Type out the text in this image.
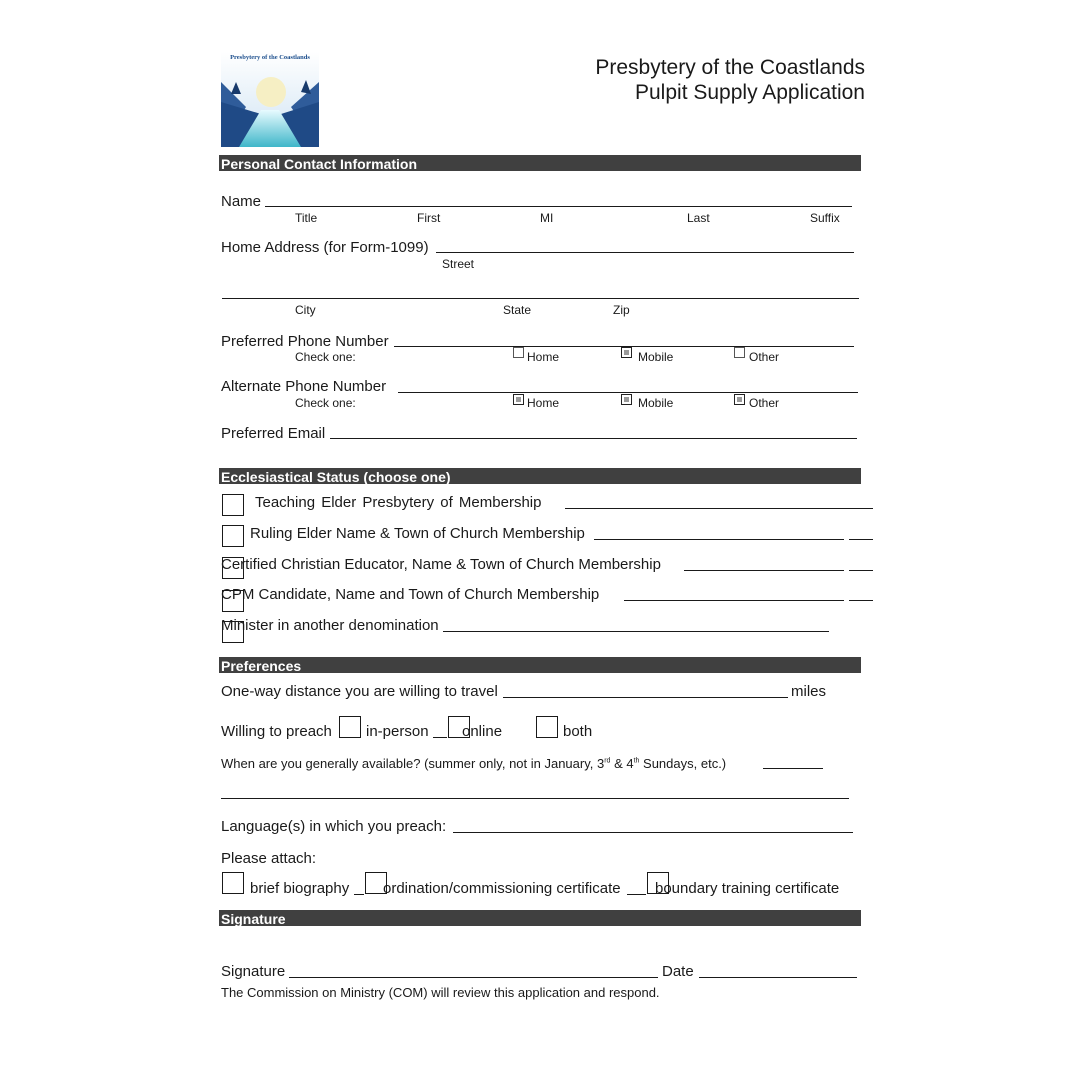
Presbytery of the Coastlands	Presbytery of the Coastlands
Pulpit Supply Application
Personal Contact Information
Name
Title	First	MI	Last	Suffix
Home Address (for Form-1099)
Street
City	State	Zip
Preferred Phone Number
Check one:	Home	Mobile	Other
Alternate Phone Number
Check one:	Home	Mobile	Other
Preferred Email
Ecclesiastical Status (choose one)
Teaching Elder Presbytery of Membership
Ruling Elder Name & Town of Church Membership
Certified Christian Educator, Name & Town of Church Membership
CPM Candidate, Name and Town of Church Membership
Minister in another denomination
Preferences
One-way distance you are willing to travel	miles
Willing to preach in-person online	both
When are you generally available? (summer only, not in January, 3rd & 4th Sundays, etc.)
Language(s) in which you preach:
Please attach:
brief biography ordination/commissioning certificate boundary training certificate
Signature
Signature	Date
The Commission on Ministry (COM) will review this application and respond.
